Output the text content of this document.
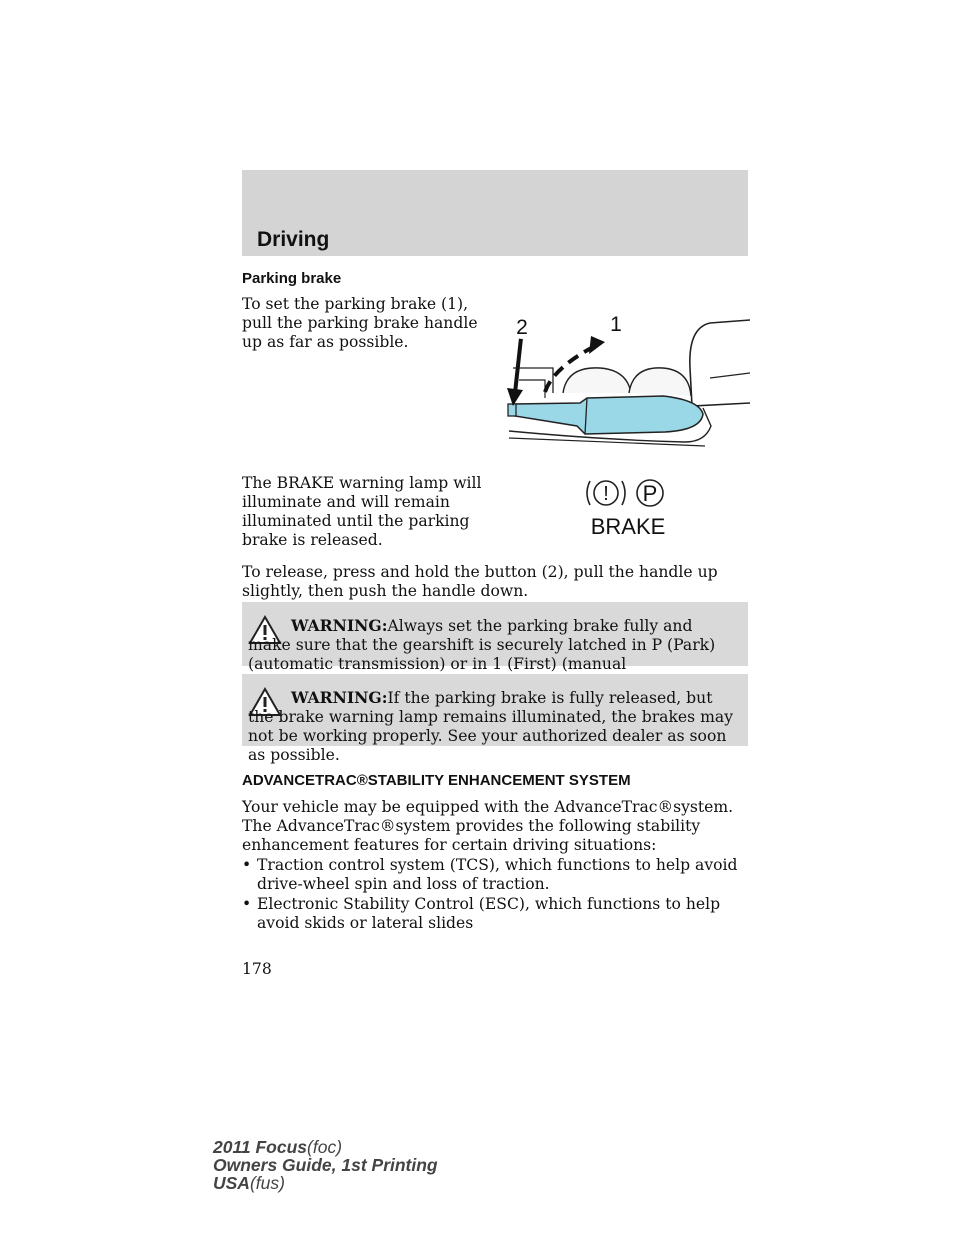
Driving
Parking brake
To set the parking brake (1), pull the parking brake handle up as far as possible.
2	1
The BRAKE warning lamp will illuminate and will remain illuminated until the parking brake is released.
! P
BRAKE
To release, press and hold the button (2), pull the handle up slightly, then push the handle down.
WARNING:Always set the parking brake fully and make sure that the gearshift is securely latched in P (Park) (automatic transmission) or in 1 (First) (manual
WARNING:If the parking brake is fully released, but the brake warning lamp remains illuminated, the brakes may not be working properly. See your authorized dealer as soon as possible.
ADVANCETRAC®STABILITY ENHANCEMENT SYSTEM
Your vehicle may be equipped with the AdvanceTrac®system. The AdvanceTrac®system provides the following stability enhancement features for certain driving situations:
• Traction control system (TCS), which functions to help avoid drive-wheel spin and loss of traction.
• Electronic Stability Control (ESC), which functions to help avoid skids or lateral slides
178
2011 Focus(foc)
Owners Guide, 1st Printing
USA(fus)
